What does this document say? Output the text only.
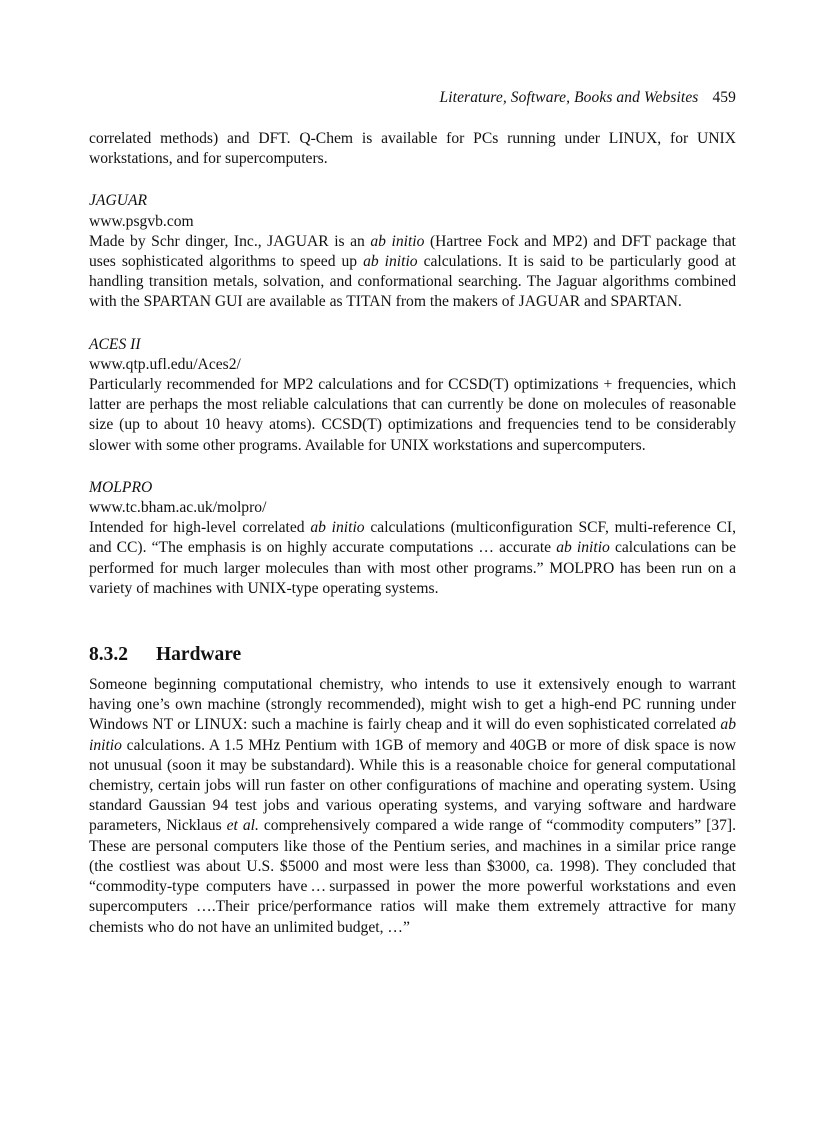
Literature, Software, Books and Websites 459

correlated methods) and DFT. Q-Chem is available for PCs running under LINUX, for UNIX workstations, and for supercomputers.

JAGUAR
www.psgvb.com

Made by Schr dinger, Inc., JAGUAR is an ab initio (Hartree Fock and MP2) and DFT package that uses sophisticated algorithms to speed up ab initio calculations. It is said to be particularly good at handling transition metals, solvation, and conformational searching. The Jaguar algorithms combined with the SPARTAN GUI are available as TITAN from the makers of JAGUAR and SPARTAN.

ACES II
www.qtp.ufl.edu/Aces2/

Particularly recommended for MP2 calculations and for CCSD(T) optimizations + frequencies, which latter are perhaps the most reliable calculations that can currently be done on molecules of reasonable size (up to about 10 heavy atoms). CCSD(T) optimizations and frequencies tend to be considerably slower with some other programs. Available for UNIX workstations and supercomputers.

MOLPRO
www.tc.bham.ac.uk/molpro/

Intended for high-level correlated ab initio calculations (multiconfiguration SCF, multi-reference CI, and CC). “The emphasis is on highly accurate computations … accurate ab initio calculations can be performed for much larger molecules than with most other programs.” MOLPRO has been run on a variety of machines with UNIX-type operating systems.

8.3.2 Hardware

Someone beginning computational chemistry, who intends to use it extensively enough to warrant having one’s own machine (strongly recommended), might wish to get a high-end PC running under Windows NT or LINUX: such a machine is fairly cheap and it will do even sophisticated correlated ab initio calculations. A 1.5 MHz Pentium with 1GB of memory and 40GB or more of disk space is now not unusual (soon it may be substandard). While this is a reasonable choice for general computational chemistry, certain jobs will run faster on other configurations of machine and operating system. Using standard Gaussian 94 test jobs and various operating systems, and varying software and hardware parameters, Nicklaus et al. comprehensively compared a wide range of “commodity computers” [37]. These are personal computers like those of the Pentium series, and machines in a similar price range (the costliest was about U.S. $5000 and most were less than $3000, ca. 1998). They concluded that “commodity-type computers have … surpassed in power the more powerful workstations and even supercomputers ….Their price/performance ratios will make them extremely attractive for many chemists who do not have an unlimited budget, …”
